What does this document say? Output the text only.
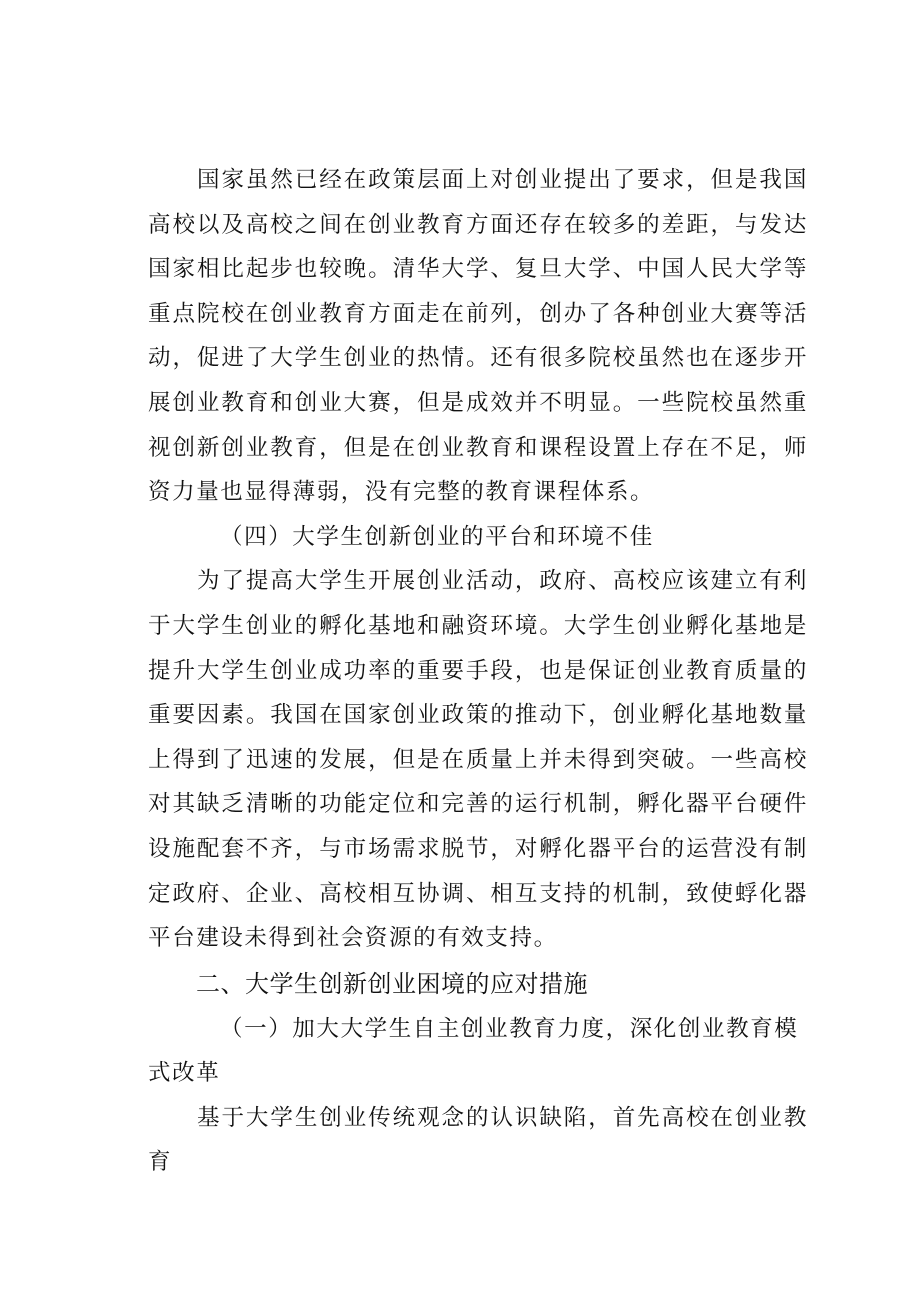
国家虽然已经在政策层面上对创业提出了要求，但是我国高校以及高校之间在创业教育方面还存在较多的差距，与发达国家相比起步也较晚。清华大学、复旦大学、中国人民大学等重点院校在创业教育方面走在前列，创办了各种创业大赛等活动，促进了大学生创业的热情。还有很多院校虽然也在逐步开展创业教育和创业大赛，但是成效并不明显。一些院校虽然重视创新创业教育，但是在创业教育和课程设置上存在不足，师资力量也显得薄弱，没有完整的教育课程体系。

（四）大学生创新创业的平台和环境不佳

为了提高大学生开展创业活动，政府、高校应该建立有利于大学生创业的孵化基地和融资环境。大学生创业孵化基地是提升大学生创业成功率的重要手段，也是保证创业教育质量的重要因素。我国在国家创业政策的推动下，创业孵化基地数量上得到了迅速的发展，但是在质量上并未得到突破。一些高校对其缺乏清晰的功能定位和完善的运行机制，孵化器平台硬件设施配套不齐，与市场需求脱节，对孵化器平台的运营没有制定政府、企业、高校相互协调、相互支持的机制，致使蜉化器平台建设未得到社会资源的有效支持。

二、大学生创新创业困境的应对措施

（一）加大大学生自主创业教育力度，深化创业教育模式改革

基于大学生创业传统观念的认识缺陷，首先高校在创业教育
